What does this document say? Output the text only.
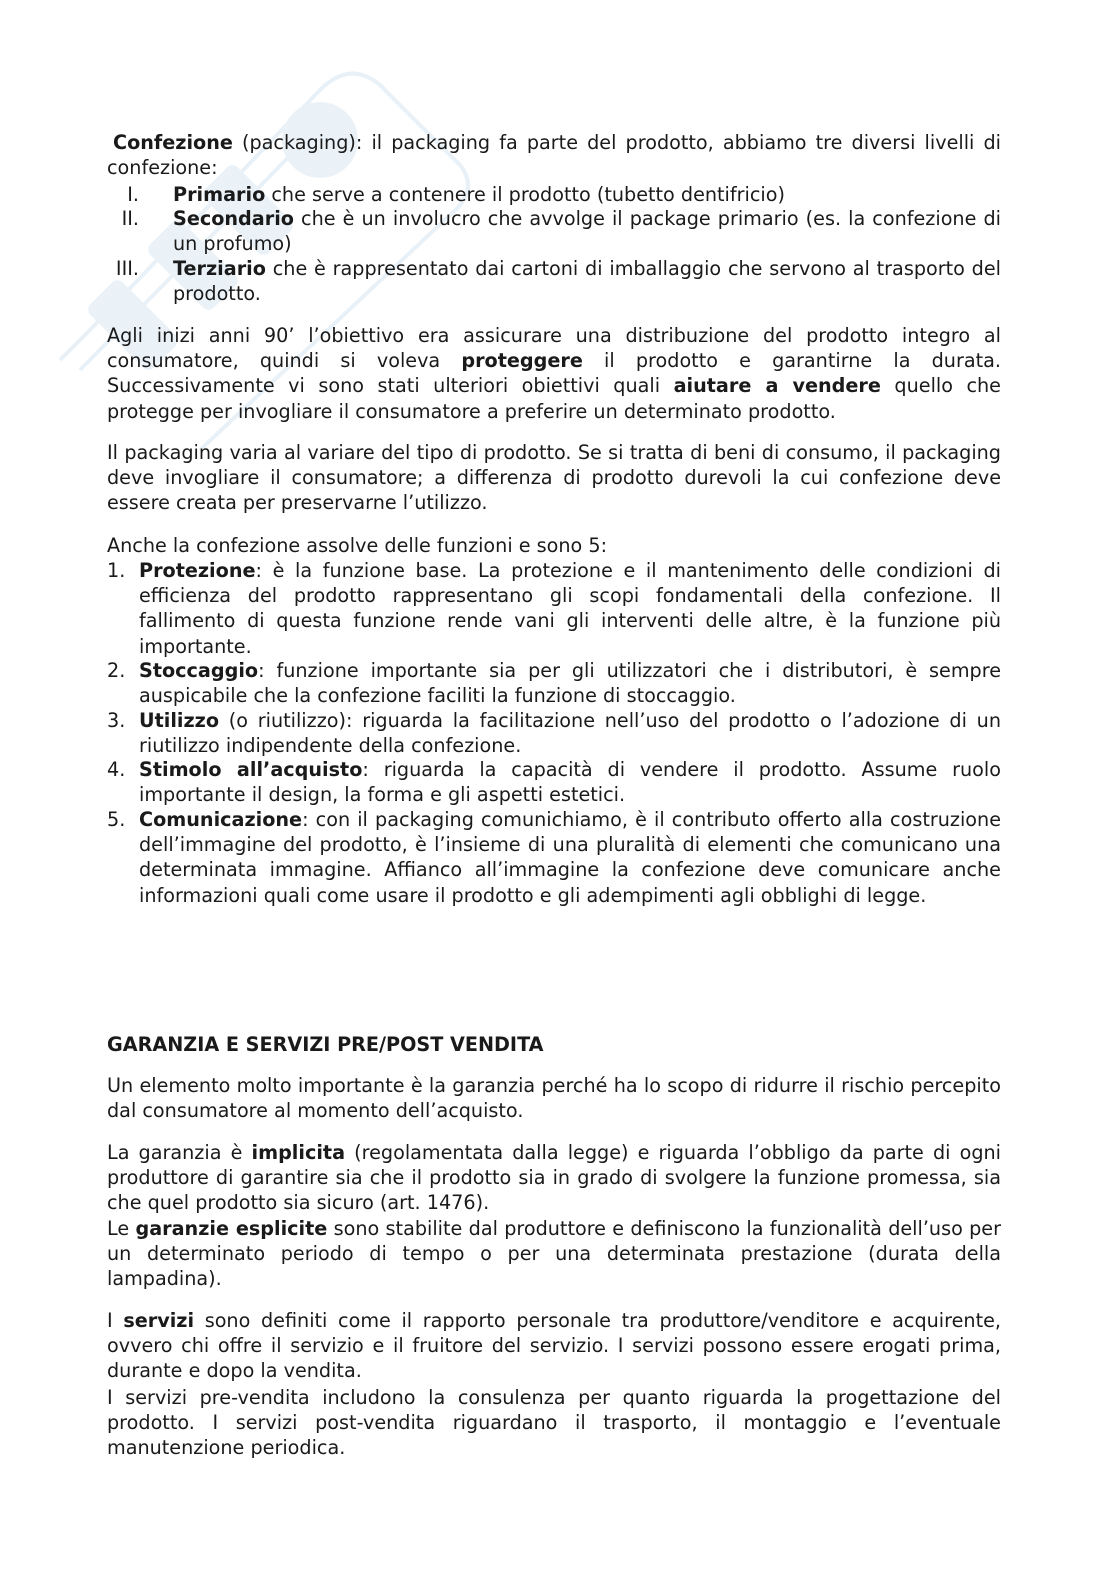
Confezione (packaging): il packaging fa parte del prodotto, abbiamo tre diversi livelli di confezione:

I. Primario che serve a contenere il prodotto (tubetto dentifricio)
II. Secondario che è un involucro che avvolge il package primario (es. la confezione di un profumo)
III. Terziario che è rappresentato dai cartoni di imballaggio che servono al trasporto del prodotto.

Agli inizi anni 90’ l’obiettivo era assicurare una distribuzione del prodotto integro al consumatore, quindi si voleva proteggere il prodotto e garantirne la durata. Successivamente vi sono stati ulteriori obiettivi quali aiutare a vendere quello che protegge per invogliare il consumatore a preferire un determinato prodotto.

Il packaging varia al variare del tipo di prodotto. Se si tratta di beni di consumo, il packaging deve invogliare il consumatore; a differenza di prodotto durevoli la cui confezione deve essere creata per preservarne l’utilizzo.

Anche la confezione assolve delle funzioni e sono 5:

1. Protezione: è la funzione base. La protezione e il mantenimento delle condizioni di efficienza del prodotto rappresentano gli scopi fondamentali della confezione. Il fallimento di questa funzione rende vani gli interventi delle altre, è la funzione più importante.
2. Stoccaggio: funzione importante sia per gli utilizzatori che i distributori, è sempre auspicabile che la confezione faciliti la funzione di stoccaggio.
3. Utilizzo (o riutilizzo): riguarda la facilitazione nell’uso del prodotto o l’adozione di un riutilizzo indipendente della confezione.
4. Stimolo all’acquisto: riguarda la capacità di vendere il prodotto. Assume ruolo importante il design, la forma e gli aspetti estetici.
5. Comunicazione: con il packaging comunichiamo, è il contributo offerto alla costruzione dell’immagine del prodotto, è l’insieme di una pluralità di elementi che comunicano una determinata immagine. Affianco all’immagine la confezione deve comunicare anche informazioni quali come usare il prodotto e gli adempimenti agli obblighi di legge.
GARANZIA E SERVIZI PRE/POST VENDITA

Un elemento molto importante è la garanzia perché ha lo scopo di ridurre il rischio percepito dal consumatore al momento dell’acquisto.

La garanzia è implicita (regolamentata dalla legge) e riguarda l’obbligo da parte di ogni produttore di garantire sia che il prodotto sia in grado di svolgere la funzione promessa, sia che quel prodotto sia sicuro (art. 1476).

Le garanzie esplicite sono stabilite dal produttore e definiscono la funzionalità dell’uso per un determinato periodo di tempo o per una determinata prestazione (durata della lampadina).

I servizi sono definiti come il rapporto personale tra produttore/venditore e acquirente, ovvero chi offre il servizio e il fruitore del servizio. I servizi possono essere erogati prima, durante e dopo la vendita.

I servizi pre-vendita includono la consulenza per quanto riguarda la progettazione del prodotto. I servizi post-vendita riguardano il trasporto, il montaggio e l’eventuale manutenzione periodica.
